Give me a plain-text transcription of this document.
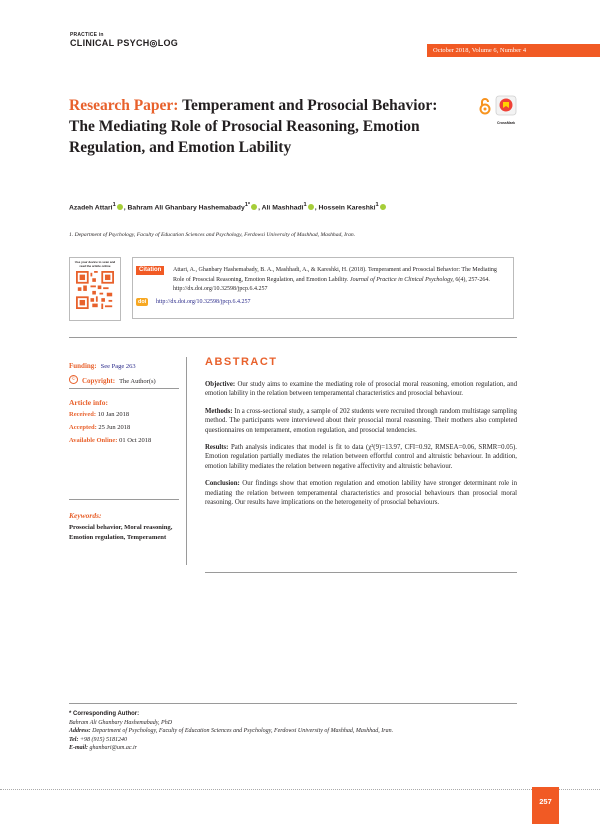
PRACTICE in
CLINICAL PSYCH◎LOG
October 2018, Volume 6, Number 4
Research Paper: Temperament and Prosocial Behavior:
The Mediating Role of Prosocial Reasoning, Emotion
Regulation, and Emotion Lability
CrossMark
Azadeh Attari$^1$ , Bahram Ali Ghanbary Hashemabady$^{1*}$ , Ali Mashhadi$^1$ , Hossein Kareshki$^1$
1. Department of Psychology, Faculty of Education Sciences and Psychology, Ferdowsi University of Mashhad, Mashhad, Iran.
Use your device to scan and read the article online
Citation	Attari, A., Ghanbary Hashemabady, B. A., Mashhadi, A., & Kareshki, H. (2018). Temperament and Prosocial Behavior: The Mediating Role of Prosocial Reasoning, Emotion Regulation, and Emotion Lability. Journal of Practice in Clinical Psychology, 6(4), 257-264. http://dx.doi.org/10.32598/jpcp.6.4.257
doi	http://dx.doi.org/10.32598/jpcp.6.4.257
Funding: See Page 263
© Copyright: The Author(s)
Article info:
Received: 10 Jan 2018
Accepted: 25 Jun 2018
Available Online: 01 Oct 2018
Keywords:
Prosocial behavior, Moral reasoning, Emotion regulation, Temperament
ABSTRACT

Objective: Our study aims to examine the mediating role of prosocial moral reasoning, emotion regulation, and emotion lability in the relation between temperamental characteristics and prosocial behaviour.

Methods: In a cross-sectional study, a sample of 202 students were recruited through random multistage sampling method. The participants were interviewed about their prosocial moral reasoning. Their mothers also completed questionnaires on temperament, emotion regulation, and prosocial tendencies.

Results: Path analysis indicates that model is fit to data (χ²(9)=13.97, CFI=0.92, RMSEA=0.06, SRMR=0.05). Emotion regulation partially mediates the relation between effortful control and altruistic behaviour. In addition, emotion lability mediates the relation between negative affectivity and altruistic behaviour.

Conclusion: Our findings show that emotion regulation and emotion lability have stronger determinant role in mediating the relation between temperamental characteristics and prosocial behaviours than prosocial moral reasoning. Our results have implications on the heterogeneity of prosocial behaviours.

* Corresponding Author:
Bahram Ali Ghanbary Hashemabady, PhD
Address: Department of Psychology, Faculty of Education Sciences and Psychology, Ferdowsi University of Mashhad, Mashhad, Iran.
Tel: +98 (915) 5181240
E-mail: ghanbari@um.ac.ir
257
